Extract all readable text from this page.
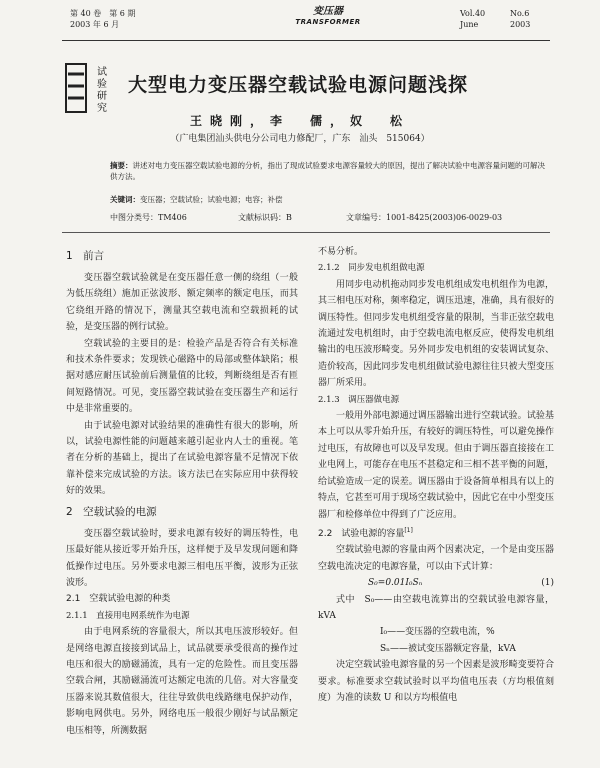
第 40 卷　第 6 期
2003 年 6 月
变压器
TRANSFORMER
Vol.40	No.6
June	2003
试
验
研
究
大型电力变压器空载试验电源问题浅探
王晓刚，李　儒，奴　松
（广电集团汕头供电分公司电力修配厂，广东　汕头　515064）
摘要：讲述对电力变压器空载试验电源的分析，指出了现成试验要求电源容量较大的原因，提出了解决试验中电源容量问题的可解决供方法。
关键词：变压器；空载试验；试验电源；电容；补偿
中图分类号：TM406	文献标识码：B	文章编号：1001-8425(2003)06-0029-03
1　前言

变压器空载试验就是在变压器任意一侧的绕组（一般为低压绕组）施加正弦波形、额定频率的额定电压，而其它绕组开路的情况下，测量其空载电流和空载损耗的试验，是变压器的例行试验。

空载试验的主要目的是：检验产品是否符合有关标准和技术条件要求；发现铁心磁路中的局部或整体缺陷；根据对感应耐压试验前后测量值的比较，判断绕组是否有匝间短路情况。可见，变压器空载试验在变压器生产和运行中是非常重要的。

由于试验电源对试验结果的准确性有很大的影响，所以，试验电源性能的问题越来越引起业内人士的重视。笔者在分析的基础上，提出了在试验电源容量不足情况下依靠补偿来完成试验的方法。该方法已在实际应用中获得较好的效果。

2　空载试验的电源

变压器空载试验时，要求电源有较好的调压特性，电压最好能从接近零开始升压，这样便于及早发现问题和降低操作过电压。另外要求电源三相电压平衡，波形为正弦波形。

2.1　空载试验电源的种类
2.1.1　直接用电网系统作为电源

由于电网系统的容量很大，所以其电压波形较好。但是网络电源直接接到试品上，试品就要承受很高的操作过电压和很大的励磁涌流，具有一定的危险性。而且变压器空载合闸，其励磁涌流可达额定电流的几倍。对大容量变压器来说其数值很大，往往导致供电线路继电保护动作，影响电网供电。另外，网络电压一般很少刚好与试品额定电压相等，所测数据

不易分析。

2.1.2　同步发电机组做电源

用同步电动机拖动同步发电机组成发电机组作为电源，其三相电压对称，频率稳定，调压迅速，准确，具有很好的调压特性。但同步发电机组受容量的限制，当非正弦空载电流通过发电机组时，由于空载电流电枢反应，使得发电机组输出的电压波形畸变。另外同步发电机组的安装调试复杂、造价较高，因此同步发电机组做试验电源往往只被大型变压器厂所采用。

2.1.3　调压器做电源

一般用外部电源通过调压器输出进行空载试验。试验基本上可以从零升始升压，有较好的调压特性，可以避免操作过电压，有故障也可以及早发现。但由于调压器直接接在工业电网上，可能存在电压不甚稳定和三相不甚平衡的问题，给试验造成一定的误差。调压器由于设备简单相具有以上的特点，它甚至可用于现场空载试验中，因此它在中小型变压器厂和检修单位中得到了广泛应用。

2.2　试验电源的容量[1]

空载试验电源的容量由两个因素决定，一个是由变压器空载电流决定的电源容量，可以由下式计算：

S₀=0.01I₀Sₙ	(1)

式中　S₀——由空载电流算出的空载试验电源容量，kVA

I₀——变压器的空载电流，%

Sₙ——被试变压器额定容量，kVA

决定空载试验电源容量的另一个因素是波形畸变要符合要求。标准要求空载试验时以平均值电压表（方均根值刻度）为准的读数 U 和以方均根值电
